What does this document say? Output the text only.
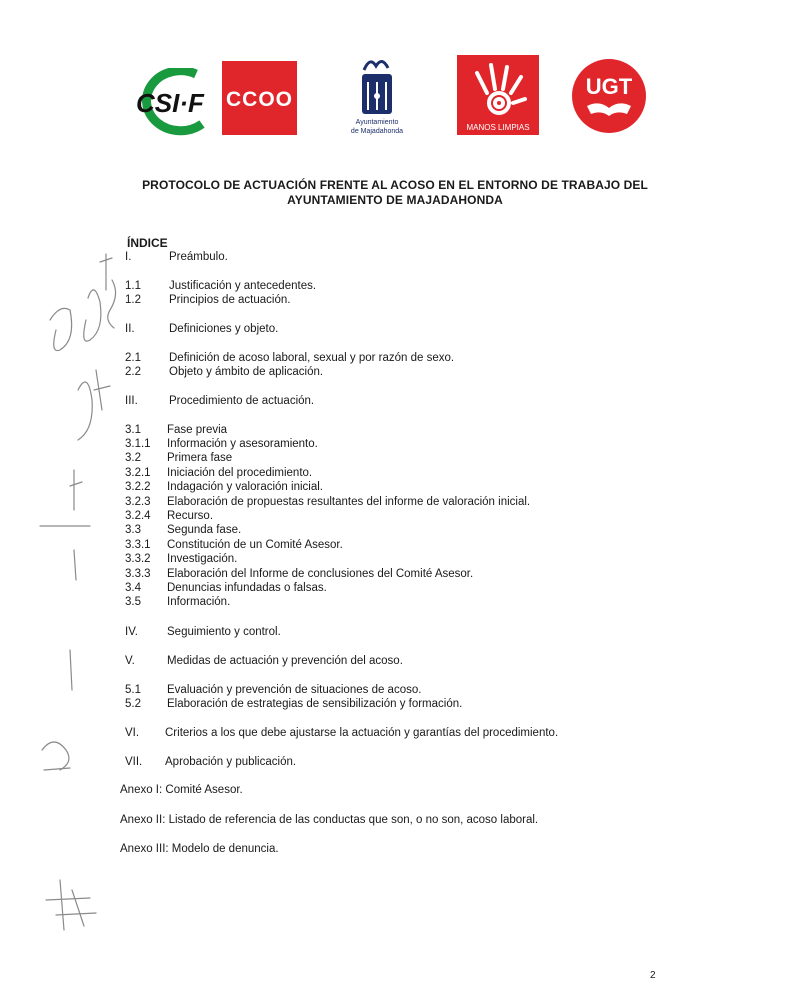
CSI·F CCOO
Ayuntamiento
de Majadahonda	MANOS LIMPIAS
UGT
PROTOCOLO DE ACTUACIÓN FRENTE AL ACOSO EN EL ENTORNO DE TRABAJO DEL
AYUNTAMIENTO DE MAJADAHONDA
ÍNDICE
I.	Preámbulo.
1.1 Justificación y antecedentes.
1.2 Principios de actuación.
II.	Definiciones y objeto.
2.1 Definición de acoso laboral, sexual y por razón de sexo.
2.2 Objeto y ámbito de aplicación.
III.	Procedimiento de actuación.
3.1 Fase previa
3.1.1 Información y asesoramiento.
3.2 Primera fase
3.2.1 Iniciación del procedimiento.
3.2.2 Indagación y valoración inicial.
3.2.3 Elaboración de propuestas resultantes del informe de valoración inicial.
3.2.4 Recurso.
3.3 Segunda fase.
3.3.1 Constitución de un Comité Asesor.
3.3.2 Investigación.
3.3.3 Elaboración del Informe de conclusiones del Comité Asesor.
3.4 Denuncias infundadas o falsas.
3.5 Información.
IV.	Seguimiento y control.
V.	Medidas de actuación y prevención del acoso.
5.1 Evaluación y prevención de situaciones de acoso.
5.2 Elaboración de estrategias de sensibilización y formación.
VI. Criterios a los que debe ajustarse la actuación y garantías del procedimiento.
VII. Aprobación y publicación.
Anexo I: Comité Asesor.
Anexo II: Listado de referencia de las conductas que son, o no son, acoso laboral.
Anexo III: Modelo de denuncia.
2
